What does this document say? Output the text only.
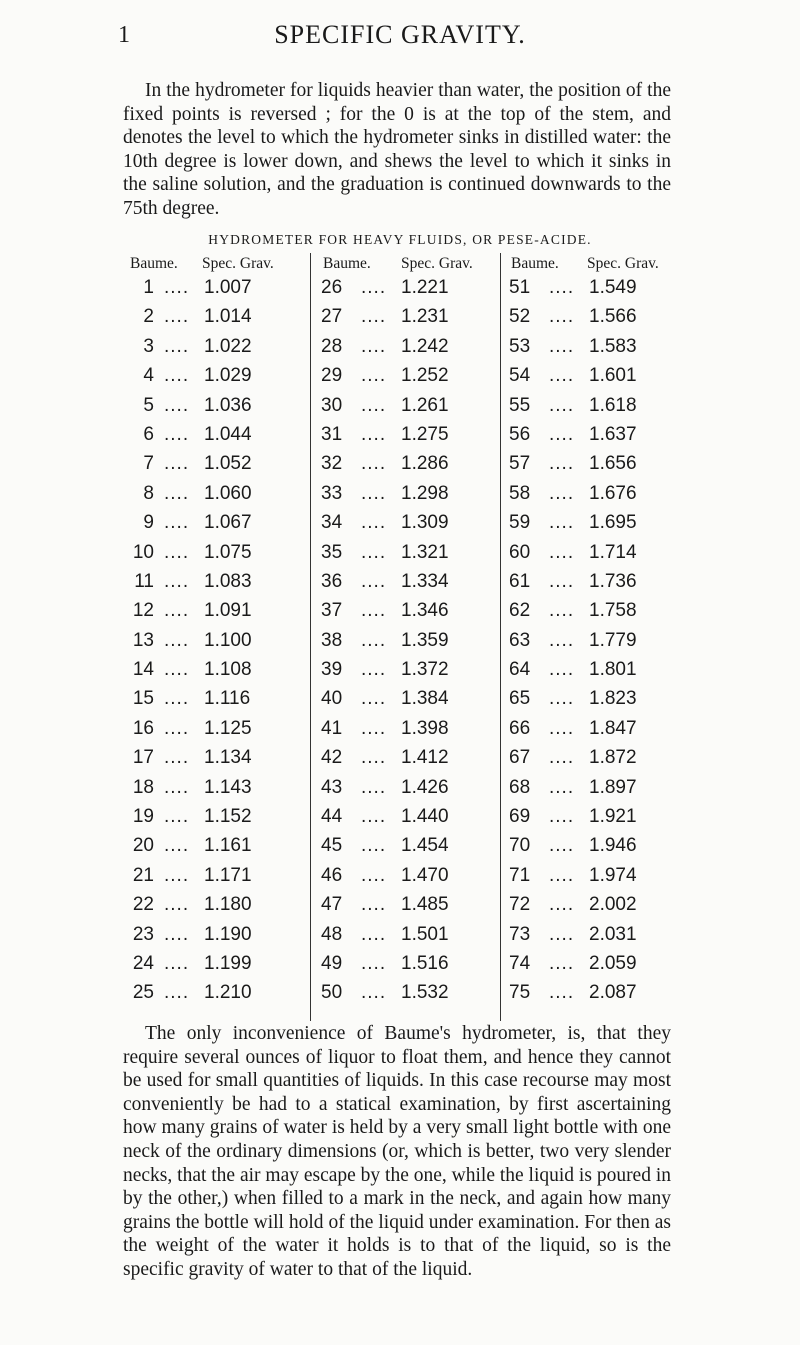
SPECIFIC GRAVITY.
1

In the hydrometer for liquids heavier than water, the position of the fixed points is reversed ; for the 0 is at the top of the stem, and denotes the level to which the hydrometer sinks in distilled water: the 10th degree is lower down, and shews the level to which it sinks in the saline solution, and the graduation is continued downwards to the 75th degree.

HYDROMETER FOR HEAVY FLUIDS, OR PESE-ACIDE.
Baume. Spec. Grav.
1 .... 1.007
2 .... 1.014
3 .... 1.022
4 .... 1.029
5 .... 1.036
6 .... 1.044
7 .... 1.052
8 .... 1.060
9 .... 1.067
10 .... 1.075
11 .... 1.083
12 .... 1.091
13 .... 1.100
14 .... 1.108
15 .... 1.116
16 .... 1.125
17 .... 1.134
18 .... 1.143
19 .... 1.152
20 .... 1.161
21 .... 1.171
22 .... 1.180
23 .... 1.190
24 .... 1.199
25 .... 1.210
Baume. Spec. Grav.
26 .... 1.221
27 .... 1.231
28 .... 1.242
29 .... 1.252
30 .... 1.261
31 .... 1.275
32 .... 1.286
33 .... 1.298
34 .... 1.309
35 .... 1.321
36 .... 1.334
37 .... 1.346
38 .... 1.359
39 .... 1.372
40 .... 1.384
41 .... 1.398
42 .... 1.412
43 .... 1.426
44 .... 1.440
45 .... 1.454
46 .... 1.470
47 .... 1.485
48 .... 1.501
49 .... 1.516
50 .... 1.532
Baume. Spec. Grav.
51 .... 1.549
52 .... 1.566
53 .... 1.583
54 .... 1.601
55 .... 1.618
56 .... 1.637
57 .... 1.656
58 .... 1.676
59 .... 1.695
60 .... 1.714
61 .... 1.736
62 .... 1.758
63 .... 1.779
64 .... 1.801
65 .... 1.823
66 .... 1.847
67 .... 1.872
68 .... 1.897
69 .... 1.921
70 .... 1.946
71 .... 1.974
72 .... 2.002
73 .... 2.031
74 .... 2.059
75 .... 2.087

The only inconvenience of Baume's hydrometer, is, that they require several ounces of liquor to float them, and hence they cannot be used for small quantities of liquids. In this case recourse may most conveniently be had to a statical examination, by first ascertaining how many grains of water is held by a very small light bottle with one neck of the ordinary dimensions (or, which is better, two very slender necks, that the air may escape by the one, while the liquid is poured in by the other,) when filled to a mark in the neck, and again how many grains the bottle will hold of the liquid under examination. For then as the weight of the water it holds is to that of the liquid, so is the specific gravity of water to that of the liquid.
